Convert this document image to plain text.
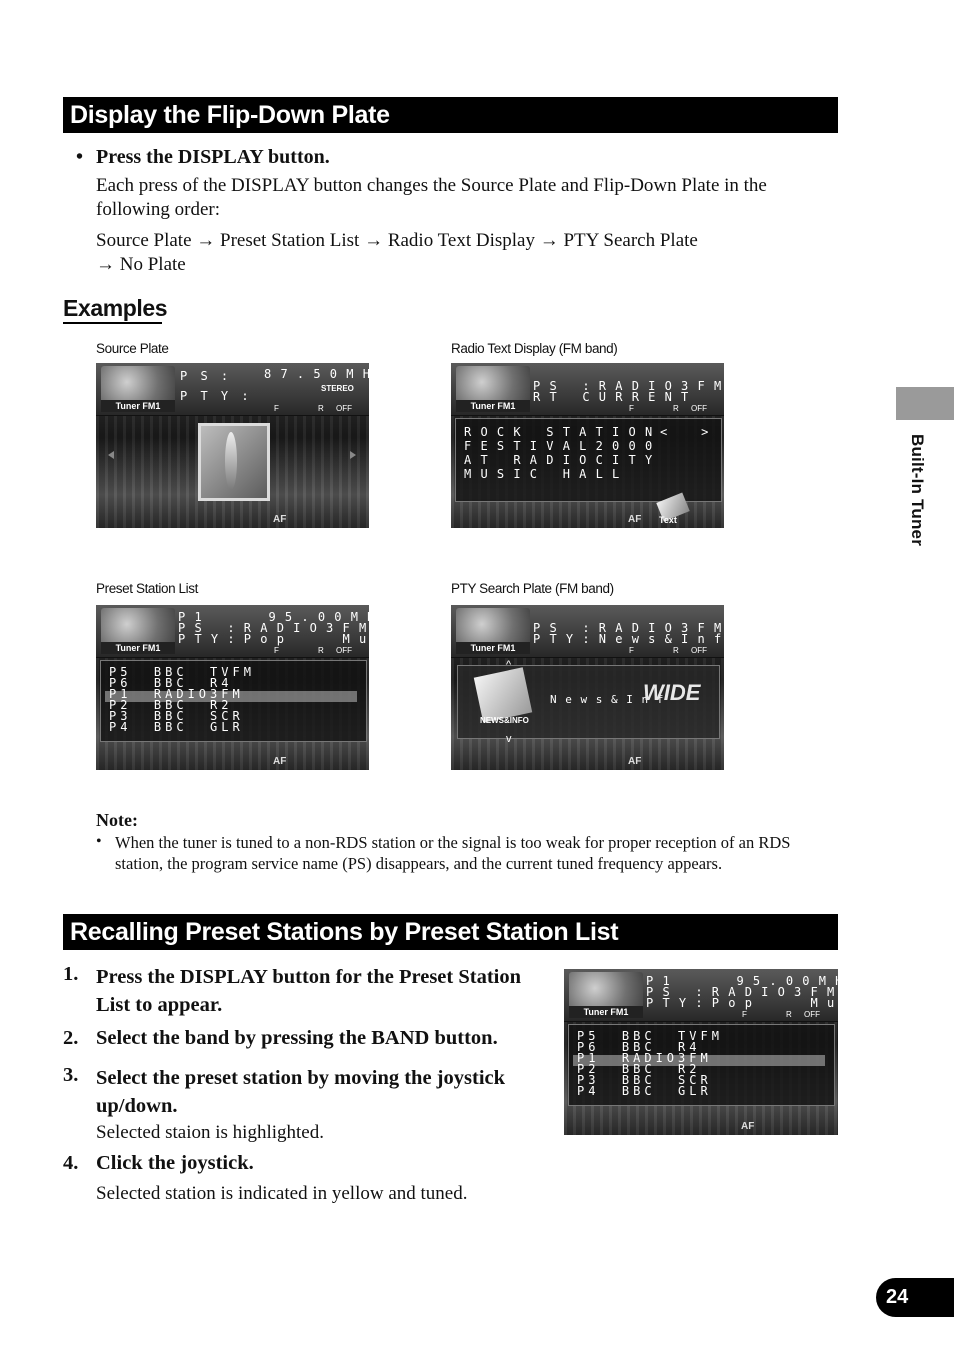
Display the Flip-Down Plate
• Press the DISPLAY button.
Each press of the DISPLAY button changes the Source Plate and Flip-Down Plate in the following order:
Source Plate → Preset Station List → Radio Text Display → PTY Search Plate
→ No Plate
Examples
Source Plate	Radio Text Display (FM band)
Preset Station List	PTY Search Plate (FM band)
Tuner FM1
P S :	8 7 . 5 0 M H z
P T Y :
STEREO
F	R OFF
AF
Tuner FM1
P S   : R A D I O 3 F M
R T   C U R R E N T
F	R OFF
<    >
R O C K   S T A T I O N
F E S T I V A L 2 0 0 0
A T   R A D I O C I T Y
M U S I C   H A L L
Text
AF
Tuner FM1
P 1        9 5 . 0 0 M H z
P S   : R A D I O 3 F M
P T Y : P o p       M u s
F	R OFF
P5  BBC  TVFM
P6  BBC  R4
P1  RADIO3FM
P2  BBC  R2
P3  BBC  SCR
P4  BBC  GLR
AF
Tuner FM1
P S   : R A D I O 3 F M
P T Y : N e w s & I n f
F	R OFF
NEWS&INFO
N e w s & I n f
WIDE
v
AF
Note:
• When the tuner is tuned to a non-RDS station or the signal is too weak for proper reception of an RDS station, the program service name (PS) disappears, and the current tuned frequency appears.
Recalling Preset Stations by Preset Station List
1. Press the DISPLAY button for the Preset Station List to appear.
2. Select the band by pressing the BAND button.
3. Select the preset station by moving the joystick up/down.
Selected staion is highlighted.
4. Click the joystick.
Selected station is indicated in yellow and tuned.
Tuner FM1
P 1        9 5 . 0 0 M H z
P S   : R A D I O 3 F M
P T Y : P o p       M u s
F	R OFF
P5  BBC  TVFM
P6  BBC  R4
P1  RADIO3FM
P2  BBC  R2
P3  BBC  SCR
P4  BBC  GLR
AF
Built-In Tuner
24
